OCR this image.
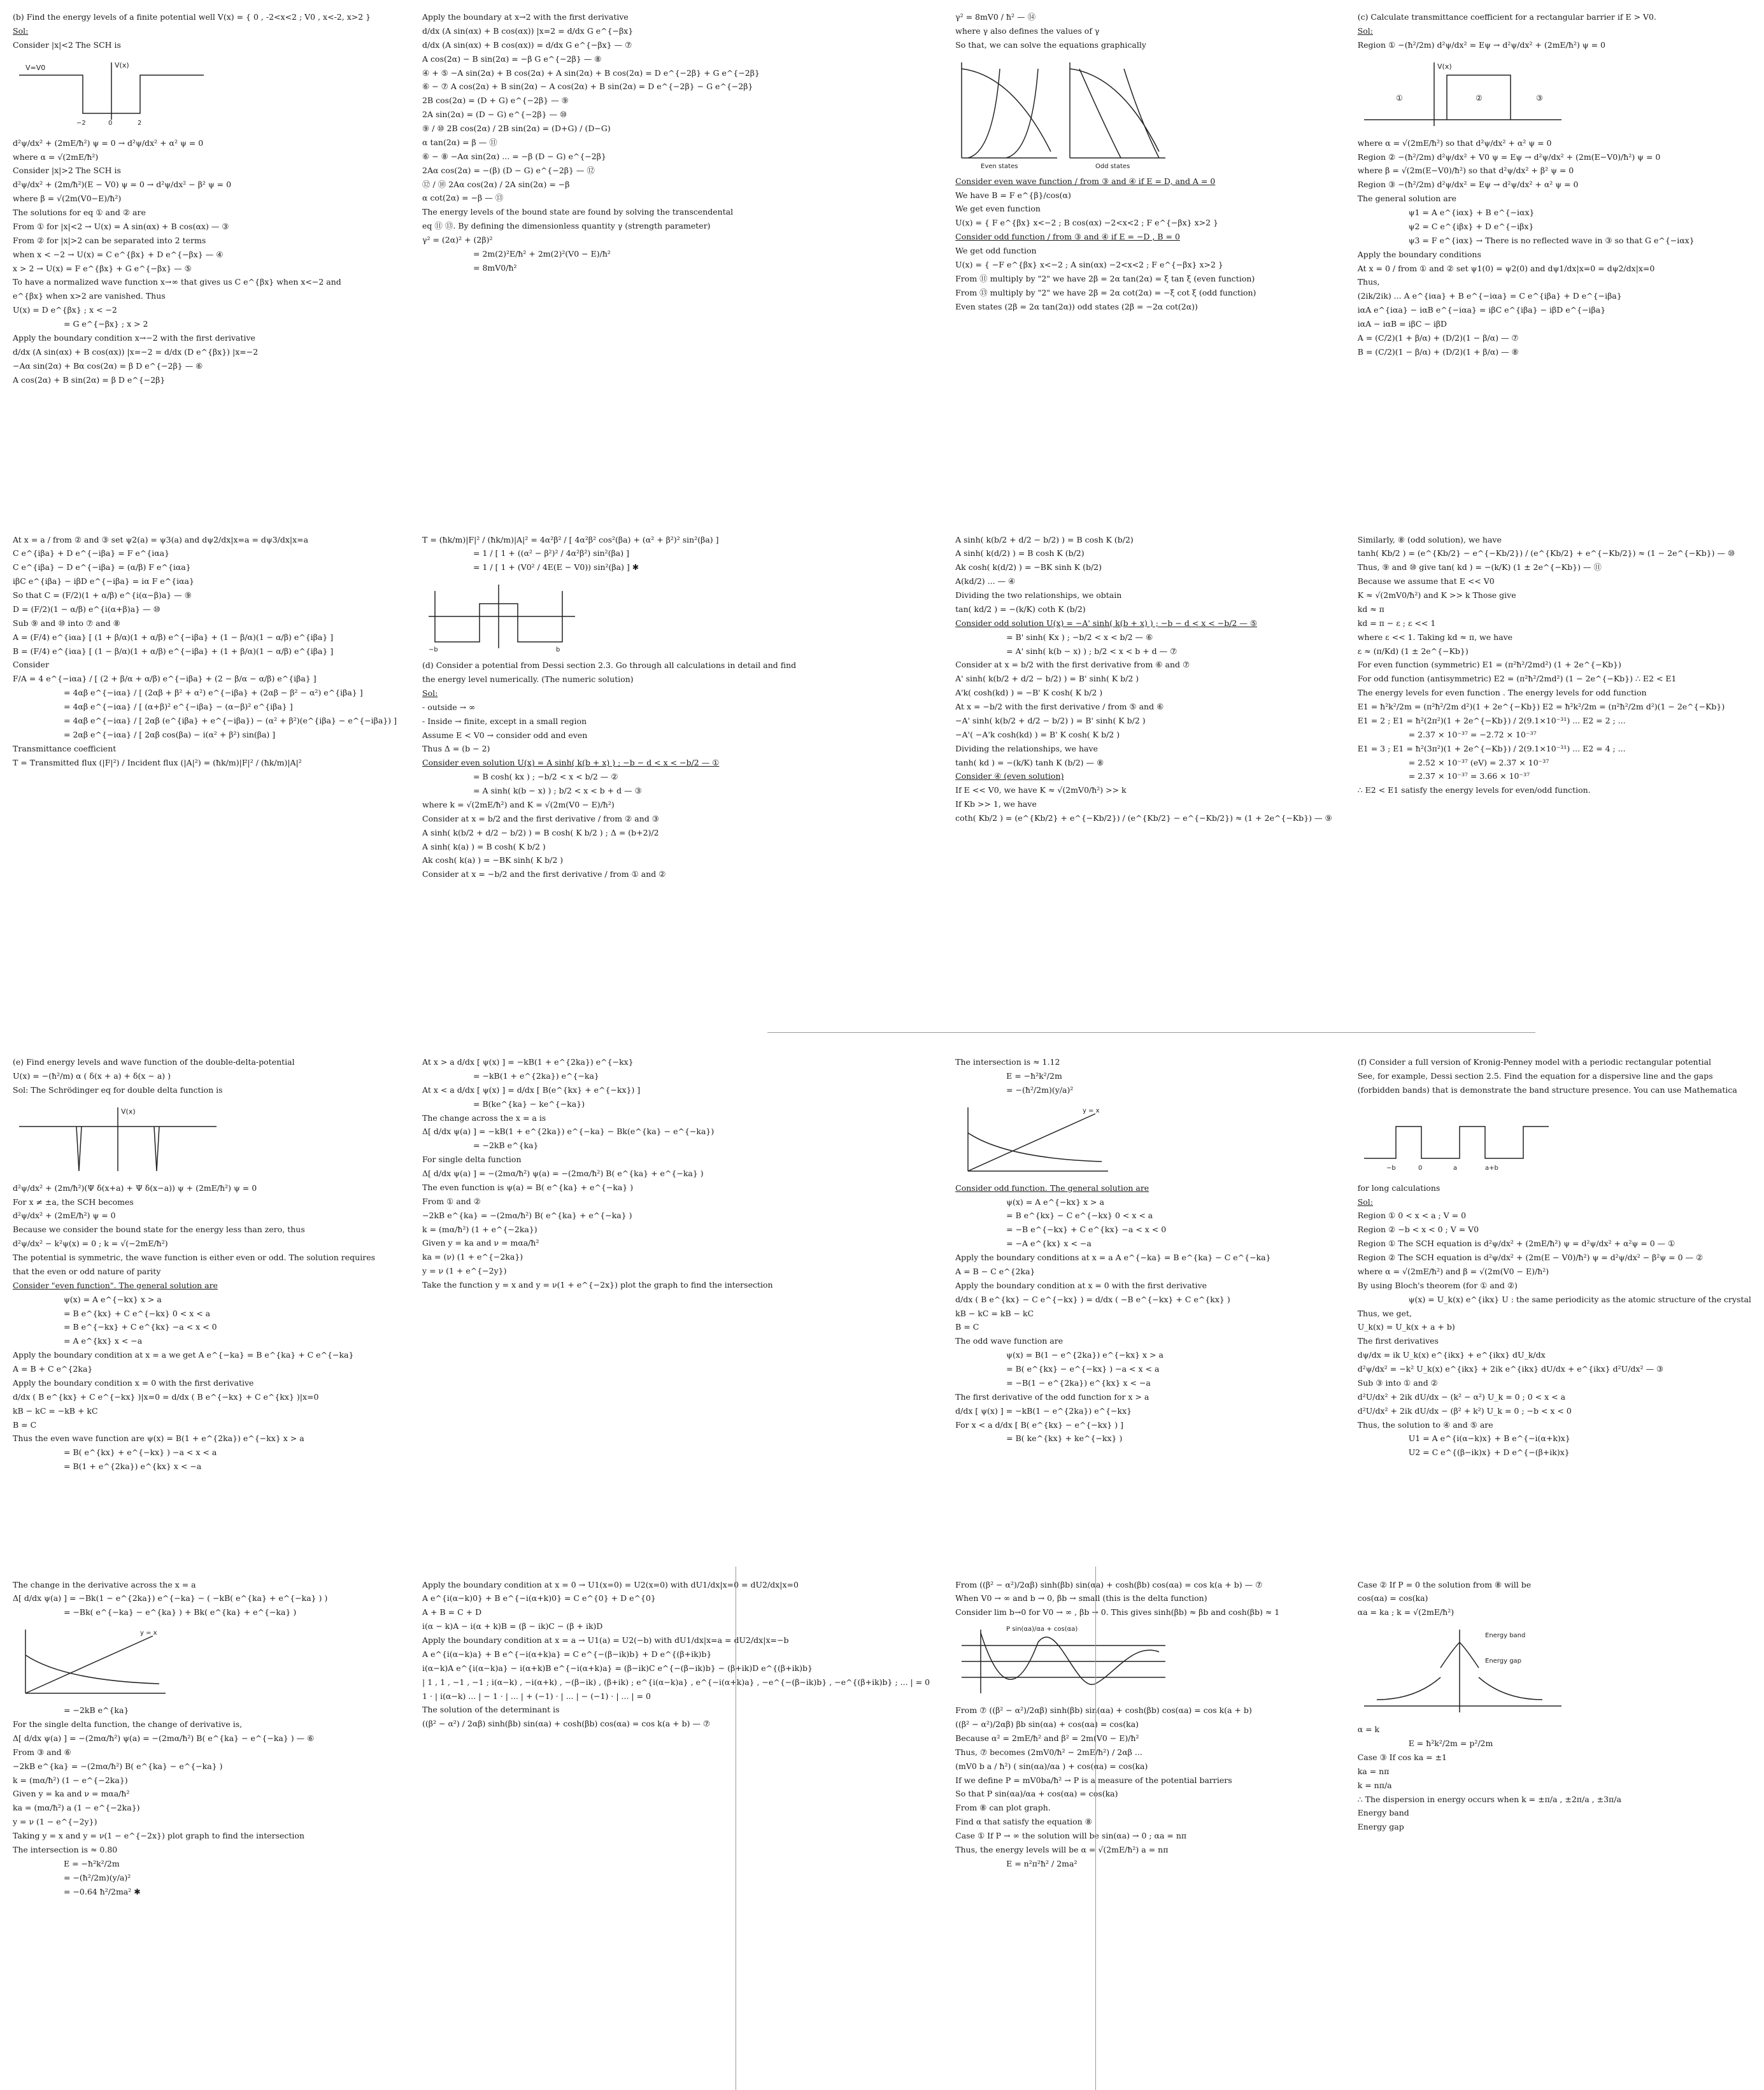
(b) Find the energy levels of a finite potential well V(x) = { 0 , -2<x<2 ; V0 , x<-2, x>2 }
Sol:
Consider |x|<2 The SCH is
V=V0	V(x)
−2	0	2
d²ψ/dx² + (2mE/ħ²) ψ = 0 → d²ψ/dx² + α² ψ = 0
where α = √(2mE/ħ²)
Consider |x|>2 The SCH is
d²ψ/dx² + (2m/ħ²)(E − V0) ψ = 0 → d²ψ/dx² − β² ψ = 0
where β = √(2m(V0−E)/ħ²)
The solutions for eq ① and ② are
From ① for |x|<2 → U(x) = A sin(αx) + B cos(αx) — ③
From ② for |x|>2 can be separated into 2 terms
when x < −2 → U(x) = C e^{βx} + D e^{−βx} — ④
x > 2 → U(x) = F e^{βx} + G e^{−βx} — ⑤
To have a normalized wave function x→∞ that gives us C e^{βx} when x<−2 and
e^{βx} when x>2 are vanished. Thus
U(x) = D e^{βx} ; x < −2
= G e^{−βx} ; x > 2
Apply the boundary condition x→−2 with the first derivative
d/dx (A sin(αx) + B cos(αx)) |x=−2 = d/dx (D e^{βx}) |x=−2
−Aα sin(2α) + Bα cos(2α) = β D e^{−2β} — ⑥
A cos(2α) + B sin(2α) = β D e^{−2β}
Apply the boundary at x→2 with the first derivative
d/dx (A sin(αx) + B cos(αx)) |x=2 = d/dx G e^{−βx}
d/dx (A sin(αx) + B cos(αx)) = d/dx G e^{−βx} — ⑦
A cos(2α) − B sin(2α) = −β G e^{−2β} — ⑧
④ + ⑤ −A sin(2α) + B cos(2α) + A sin(2α) + B cos(2α) = D e^{−2β} + G e^{−2β}
⑥ − ⑦ A cos(2α) + B sin(2α) − A cos(2α) + B sin(2α) = D e^{−2β} − G e^{−2β}
2B cos(2α) = (D + G) e^{−2β} — ⑨
2A sin(2α) = (D − G) e^{−2β} — ⑩
⑨ / ⑩ 2B cos(2α) / 2B sin(2α) = (D+G) / (D−G)
α tan(2α) = β — ⑪
⑥ − ⑧ −Aα sin(2α) ... = −β (D − G) e^{−2β}
2Aα cos(2α) = −(β) (D − G) e^{−2β} — ⑫
⑫ / ⑩ 2Aα cos(2α) / 2A sin(2α) = −β
α cot(2α) = −β — ⑬
The energy levels of the bound state are found by solving the transcendental
eq ⑪ ⑬. By defining the dimensionless quantity γ (strength parameter)
γ² = (2α)² + (2β)²
= 2m(2)²E/ħ² + 2m(2)²(V0 − E)/ħ²
= 8mV0/ħ²
γ² = 8mV0 / ħ² — ⑭
where γ also defines the values of γ
So that, we can solve the equations graphically
Even states	Odd states
Consider even wave function / from ③ and ④ if E = D, and A = 0
We have B = F e^{β}/cos(α)
We get even function
U(x) = { F e^{βx} x<−2 ; B cos(αx) −2<x<2 ; F e^{−βx} x>2 }
Consider odd function / from ③ and ④ if E = −D , B = 0
We get odd function
U(x) = { −F e^{βx} x<−2 ; A sin(αx) −2<x<2 ; F e^{−βx} x>2 }
From ⑪ multiply by "2" we have 2β = 2α tan(2α) = ξ tan ξ (even function)
From ⑬ multiply by "2" we have 2β = 2α cot(2α) = −ξ cot ξ (odd function)
Even states (2β = 2α tan(2α)) odd states (2β = −2α cot(2α))
(c) Calculate transmittance coefficient for a rectangular barrier if E > V0.
Sol:
Region ① −(ħ²/2m) d²ψ/dx² = Eψ → d²ψ/dx² + (2mE/ħ²) ψ = 0
V(x)
①	②	③
where α = √(2mE/ħ²) so that d²ψ/dx² + α² ψ = 0
Region ② −(ħ²/2m) d²ψ/dx² + V0 ψ = Eψ → d²ψ/dx² + (2m(E−V0)/ħ²) ψ = 0
where β = √(2m(E−V0)/ħ²) so that d²ψ/dx² + β² ψ = 0
Region ③ −(ħ²/2m) d²ψ/dx² = Eψ → d²ψ/dx² + α² ψ = 0
The general solution are
ψ1 = A e^{iαx} + B e^{−iαx}
ψ2 = C e^{iβx} + D e^{−iβx}
ψ3 = F e^{iαx} → There is no reflected wave in ③ so that G e^{−iαx}
Apply the boundary conditions
At x = 0 / from ① and ② set ψ1(0) = ψ2(0) and dψ1/dx|x=0 = dψ2/dx|x=0
Thus,
(2ik/2ik) ... A e^{iαa} + B e^{−iαa} = C e^{iβa} + D e^{−iβa}
iαA e^{iαa} − iαB e^{−iαa} = iβC e^{iβa} − iβD e^{−iβa}
iαA − iαB = iβC − iβD
A = (C/2)(1 + β/α) + (D/2)(1 − β/α) — ⑦
B = (C/2)(1 − β/α) + (D/2)(1 + β/α) — ⑧
At x = a / from ② and ③ set ψ2(a) = ψ3(a) and dψ2/dx|x=a = dψ3/dx|x=a
C e^{iβa} + D e^{−iβa} = F e^{iαa}
C e^{iβa} − D e^{−iβa} = (α/β) F e^{iαa}
iβC e^{iβa} − iβD e^{−iβa} = iα F e^{iαa}
So that C = (F/2)(1 + α/β) e^{i(α−β)a} — ⑨
D = (F/2)(1 − α/β) e^{i(α+β)a} — ⑩
Sub ⑨ and ⑩ into ⑦ and ⑧
A = (F/4) e^{iαa} [ (1 + β/α)(1 + α/β) e^{−iβa} + (1 − β/α)(1 − α/β) e^{iβa} ]
B = (F/4) e^{iαa} [ (1 − β/α)(1 + α/β) e^{−iβa} + (1 + β/α)(1 − α/β) e^{iβa} ]
Consider
F/A = 4 e^{−iαa} / [ (2 + β/α + α/β) e^{−iβa} + (2 − β/α − α/β) e^{iβa} ]
= 4αβ e^{−iαa} / [ (2αβ + β² + α²) e^{−iβa} + (2αβ − β² − α²) e^{iβa} ]
= 4αβ e^{−iαa} / [ (α+β)² e^{−iβa} − (α−β)² e^{iβa} ]
= 4αβ e^{−iαa} / [ 2αβ (e^{iβa} + e^{−iβa}) − (α² + β²)(e^{iβa} − e^{−iβa}) ]
= 2αβ e^{−iαa} / [ 2αβ cos(βa) − i(α² + β²) sin(βa) ]
Transmittance coefficient
T = Transmitted flux (|F|²) / Incident flux (|A|²) = (ħk/m)|F|² / (ħk/m)|A|²
T = (ħk/m)|F|² / (ħk/m)|A|² = 4α²β² / [ 4α²β² cos²(βa) + (α² + β²)² sin²(βa) ]
= 1 / [ 1 + ((α² − β²)² / 4α²β²) sin²(βa) ]
= 1 / [ 1 + (V0² / 4E(E − V0)) sin²(βa) ] ✱
−b	b
(d) Consider a potential from Dessi section 2.3. Go through all calculations in detail and find
the energy level numerically. (The numeric solution)
Sol:
- outside → ∞
- Inside → finite, except in a small region
Assume E < V0 → consider odd and even
Thus Δ = (b − 2)
Consider even solution U(x) = A sinh( k(b + x) ) ; −b − d < x < −b/2 — ①
= B cosh( kx ) ; −b/2 < x < b/2 — ②
= A sinh( k(b − x) ) ; b/2 < x < b + d — ③
where k = √(2mE/ħ²) and K = √(2m(V0 − E)/ħ²)
Consider at x = b/2 and the first derivative / from ② and ③
A sinh( k(b/2 + d/2 − b/2) ) = B cosh( K b/2 ) ; Δ = (b+2)/2
A sinh( k(a) ) = B cosh( K b/2 )
Ak cosh( k(a) ) = −BK sinh( K b/2 )
Consider at x = −b/2 and the first derivative / from ① and ②
A sinh( k(b/2 + d/2 − b/2) ) = B cosh K (b/2)
A sinh( k(d/2) ) = B cosh K (b/2)
Ak cosh( k(d/2) ) = −BK sinh K (b/2)
A(kd/2) ... — ④
Dividing the two relationships, we obtain
tan( kd/2 ) = −(k/K) coth K (b/2)
Consider odd solution U(x) = −A' sinh( k(b + x) ) ; −b − d < x < −b/2 — ⑤
= B' sinh( Kx ) ; −b/2 < x < b/2 — ⑥
= A' sinh( k(b − x) ) ; b/2 < x < b + d — ⑦
Consider at x = b/2 with the first derivative from ⑥ and ⑦
A' sinh( k(b/2 + d/2 − b/2) ) = B' sinh( K b/2 )
A'k( cosh(kd) ) = −B' K cosh( K b/2 )
At x = −b/2 with the first derivative / from ⑤ and ⑥
−A' sinh( k(b/2 + d/2 − b/2) ) = B' sinh( K b/2 )
−A'( −A'k cosh(kd) ) = B' K cosh( K b/2 )
Dividing the relationships, we have
tanh( kd ) = −(k/K) tanh K (b/2) — ⑧
Consider ④ (even solution)
If E << V0, we have K ≈ √(2mV0/ħ²) >> k
If Kb >> 1, we have
coth( Kb/2 ) = (e^{Kb/2} + e^{−Kb/2}) / (e^{Kb/2} − e^{−Kb/2}) ≈ (1 + 2e^{−Kb}) — ⑨
Similarly, ⑧ (odd solution), we have
tanh( Kb/2 ) = (e^{Kb/2} − e^{−Kb/2}) / (e^{Kb/2} + e^{−Kb/2}) ≈ (1 − 2e^{−Kb}) — ⑩
Thus, ⑨ and ⑩ give tan( kd ) = −(k/K) (1 ± 2e^{−Kb}) — ⑪
Because we assume that E << V0
K ≈ √(2mV0/ħ²) and K >> k Those give
kd ≈ π
kd = π − ε ; ε << 1
where ε << 1. Taking kd ≈ π, we have
ε ≈ (π/Kd) (1 ± 2e^{−Kb})
For even function (symmetric) E1 = (π²ħ²/2md²) (1 + 2e^{−Kb})
For odd function (antisymmetric) E2 = (π²ħ²/2md²) (1 − 2e^{−Kb}) ∴ E2 < E1
The energy levels for even function . The energy levels for odd function
E1 = ħ²k²/2m = (π²ħ²/2m d²)(1 + 2e^{−Kb}) E2 = ħ²k²/2m = (π²ħ²/2m d²)(1 − 2e^{−Kb})
E1 = 2 ; E1 = ħ²(2π²)(1 + 2e^{−Kb}) / 2(9.1×10⁻³¹) ... E2 = 2 ; ...
= 2.37 × 10⁻³⁷ = −2.72 × 10⁻³⁷
E1 = 3 ; E1 = ħ²(3π²)(1 + 2e^{−Kb}) / 2(9.1×10⁻³¹) ... E2 = 4 ; ...
= 2.52 × 10⁻³⁷ (eV) = 2.37 × 10⁻³⁷
= 2.37 × 10⁻³⁷ = 3.66 × 10⁻³⁷
∴ E2 < E1 satisfy the energy levels for even/odd function.
(e) Find energy levels and wave function of the double-delta-potential
U(x) = −(ħ²/m) α ( δ(x + a) + δ(x − a) )
Sol: The Schrödinger eq for double delta function is
V(x)
d²ψ/dx² + (2m/ħ²)(Ψ δ(x+a) + Ψ δ(x−a)) ψ + (2mE/ħ²) ψ = 0
For x ≠ ±a, the SCH becomes
d²ψ/dx² + (2mE/ħ²) ψ = 0
Because we consider the bound state for the energy less than zero, thus
d²ψ/dx² − k²ψ(x) = 0 ; k = √(−2mE/ħ²)
The potential is symmetric, the wave function is either even or odd. The solution requires
that the even or odd nature of parity
Consider "even function". The general solution are
ψ(x) = A e^{−kx} x > a
= B e^{kx} + C e^{−kx} 0 < x < a
= B e^{−kx} + C e^{kx} −a < x < 0
= A e^{kx} x < −a
Apply the boundary condition at x = a we get A e^{−ka} = B e^{ka} + C e^{−ka}
A = B + C e^{2ka}
Apply the boundary condition x = 0 with the first derivative
d/dx ( B e^{kx} + C e^{−kx} )|x=0 = d/dx ( B e^{−kx} + C e^{kx} )|x=0
kB − kC = −kB + kC
B = C
Thus the even wave function are ψ(x) = B(1 + e^{2ka}) e^{−kx} x > a
= B( e^{kx} + e^{−kx} ) −a < x < a
= B(1 + e^{2ka}) e^{kx} x < −a
At x > a d/dx [ ψ(x) ] = −kB(1 + e^{2ka}) e^{−kx}
= −kB(1 + e^{2ka}) e^{−ka}
At x < a d/dx [ ψ(x) ] = d/dx [ B(e^{kx} + e^{−kx}) ]
= B(ke^{ka} − ke^{−ka})
The change across the x = a is
Δ[ d/dx ψ(a) ] = −kB(1 + e^{2ka}) e^{−ka} − Bk(e^{ka} − e^{−ka})
= −2kB e^{ka}
For single delta function
Δ[ d/dx ψ(a) ] = −(2mα/ħ²) ψ(a) = −(2mα/ħ²) B( e^{ka} + e^{−ka} )
The even function is ψ(a) = B( e^{ka} + e^{−ka} )
From ① and ②
−2kB e^{ka} = −(2mα/ħ²) B( e^{ka} + e^{−ka} )
k = (mα/ħ²) (1 + e^{−2ka})
Given y = ka and ν = mαa/ħ²
ka = (ν) (1 + e^{−2ka})
y = ν (1 + e^{−2y})
Take the function y = x and y = ν(1 + e^{−2x}) plot the graph to find the intersection
The intersection is ≈ 1.12
E = −ħ²k²/2m
= −(ħ²/2m)(y/a)²
y = x
Consider odd function. The general solution are
ψ(x) = A e^{−kx} x > a
= B e^{kx} − C e^{−kx} 0 < x < a
= −B e^{−kx} + C e^{kx} −a < x < 0
= −A e^{kx} x < −a
Apply the boundary conditions at x = a A e^{−ka} = B e^{ka} − C e^{−ka}
A = B − C e^{2ka}
Apply the boundary condition at x = 0 with the first derivative
d/dx ( B e^{kx} − C e^{−kx} ) = d/dx ( −B e^{−kx} + C e^{kx} )
kB − kC = kB − kC
B = C
The odd wave function are
ψ(x) = B(1 − e^{2ka}) e^{−kx} x > a
= B( e^{kx} − e^{−kx} ) −a < x < a
= −B(1 − e^{2ka}) e^{kx} x < −a
The first derivative of the odd function for x > a
d/dx [ ψ(x) ] = −kB(1 − e^{2ka}) e^{−kx}
For x < a d/dx [ B( e^{kx} − e^{−kx} ) ]
= B( ke^{kx} + ke^{−kx} )
(f) Consider a full version of Kronig-Penney model with a periodic rectangular potential
See, for example, Dessi section 2.5. Find the equation for a dispersive line and the gaps
(forbidden bands) that is demonstrate the band structure presence. You can use Mathematica
−b	0	a	a+b
for long calculations
Sol:
Region ① 0 < x < a ; V = 0
Region ② −b < x < 0 ; V = V0
Region ① The SCH equation is d²ψ/dx² + (2mE/ħ²) ψ = d²ψ/dx² + α²ψ = 0 — ①
Region ② The SCH equation is d²ψ/dx² + (2m(E − V0)/ħ²) ψ = d²ψ/dx² − β²ψ = 0 — ②
where α = √(2mE/ħ²) and β = √(2m(V0 − E)/ħ²)
By using Bloch's theorem (for ① and ②)
ψ(x) = U_k(x) e^{ikx} U : the same periodicity as the atomic structure of the crystal
Thus, we get,
U_k(x) = U_k(x + a + b)
The first derivatives
dψ/dx = ik U_k(x) e^{ikx} + e^{ikx} dU_k/dx
d²ψ/dx² = −k² U_k(x) e^{ikx} + 2ik e^{ikx} dU/dx + e^{ikx} d²U/dx² — ③
Sub ③ into ① and ②
d²U/dx² + 2ik dU/dx − (k² − α²) U_k = 0 ; 0 < x < a
d²U/dx² + 2ik dU/dx − (β² + k²) U_k = 0 ; −b < x < 0
Thus, the solution to ④ and ⑤ are
U1 = A e^{i(α−k)x} + B e^{−i(α+k)x}
U2 = C e^{(β−ik)x} + D e^{−(β+ik)x}
The change in the derivative across the x = a
Δ[ d/dx ψ(a) ] = −Bk(1 − e^{2ka}) e^{−ka} − ( −kB( e^{ka} + e^{−ka} ) )
= −Bk( e^{−ka} − e^{ka} ) + Bk( e^{ka} + e^{−ka} )
y = x
= −2kB e^{ka}
For the single delta function, the change of derivative is,
Δ[ d/dx ψ(a) ] = −(2mα/ħ²) ψ(a) = −(2mα/ħ²) B( e^{ka} − e^{−ka} ) — ⑥
From ③ and ⑥
−2kB e^{ka} = −(2mα/ħ²) B( e^{ka} − e^{−ka} )
k = (mα/ħ²) (1 − e^{−2ka})
Given y = ka and ν = mαa/ħ²
ka = (mα/ħ²) a (1 − e^{−2ka})
y = ν (1 − e^{−2y})
Taking y = x and y = ν(1 − e^{−2x}) plot graph to find the intersection
The intersection is ≈ 0.80
E = −ħ²k²/2m
= −(ħ²/2m)(y/a)²
= −0.64 ħ²/2ma² ✱
Apply the boundary condition at x = 0 → U1(x=0) = U2(x=0) with dU1/dx|x=0 = dU2/dx|x=0
A e^{i(α−k)0} + B e^{−i(α+k)0} = C e^{0} + D e^{0}
A + B = C + D
i(α − k)A − i(α + k)B = (β − ik)C − (β + ik)D
Apply the boundary condition at x = a → U1(a) = U2(−b) with dU1/dx|x=a = dU2/dx|x=−b
A e^{i(α−k)a} + B e^{−i(α+k)a} = C e^{−(β−ik)b} + D e^{(β+ik)b}
i(α−k)A e^{i(α−k)a} − i(α+k)B e^{−i(α+k)a} = (β−ik)C e^{−(β−ik)b} − (β+ik)D e^{(β+ik)b}
| 1 , 1 , −1 , −1 ; i(α−k) , −i(α+k) , −(β−ik) , (β+ik) ; e^{i(α−k)a} , e^{−i(α+k)a} , −e^{−(β−ik)b} , −e^{(β+ik)b} ; ... | = 0
1 · | i(α−k) ... | − 1 · | ... | + (−1) · | ... | − (−1) · | ... | = 0
The solution of the determinant is
((β² − α²) / 2αβ) sinh(βb) sin(αa) + cosh(βb) cos(αa) = cos k(a + b) — ⑦
From ((β² − α²)/2αβ) sinh(βb) sin(αa) + cosh(βb) cos(αa) = cos k(a + b) — ⑦
When V0 → ∞ and b → 0, βb → small (this is the delta function)
Consider lim b→0 for V0 → ∞ , βb → 0. This gives sinh(βb) ≈ βb and cosh(βb) ≈ 1
P sin(αa)/αa + cos(αa)
From ⑦ ((β² − α²)/2αβ) sinh(βb) sin(αa) + cosh(βb) cos(αa) = cos k(a + b)
((β² − α²)/2αβ) βb sin(αa) + cos(αa) = cos(ka)
Because α² = 2mE/ħ² and β² = 2m(V0 − E)/ħ²
Thus, ⑦ becomes (2mV0/ħ² − 2mE/ħ²) / 2αβ ...
(mV0 b a / ħ²) ( sin(αa)/αa ) + cos(αa) = cos(ka)
If we define P = mV0ba/ħ² → P is a measure of the potential barriers
So that P sin(αa)/αa + cos(αa) = cos(ka)
From ⑧ can plot graph.
Find α that satisfy the equation ⑧
Case ① If P → ∞ the solution will be sin(αa) → 0 ; αa = nπ
Thus, the energy levels will be α = √(2mE/ħ²) a = nπ
E = n²π²ħ² / 2ma²
Case ② If P = 0 the solution from ⑧ will be
cos(αa) = cos(ka)
αa = ka ; k = √(2mE/ħ²)
Energy band
Energy gap
α = k
E = ħ²k²/2m = p²/2m
Case ③ If cos ka = ±1
ka = nπ
k = nπ/a
∴ The dispersion in energy occurs when k = ±π/a , ±2π/a , ±3π/a
Energy band
Energy gap
